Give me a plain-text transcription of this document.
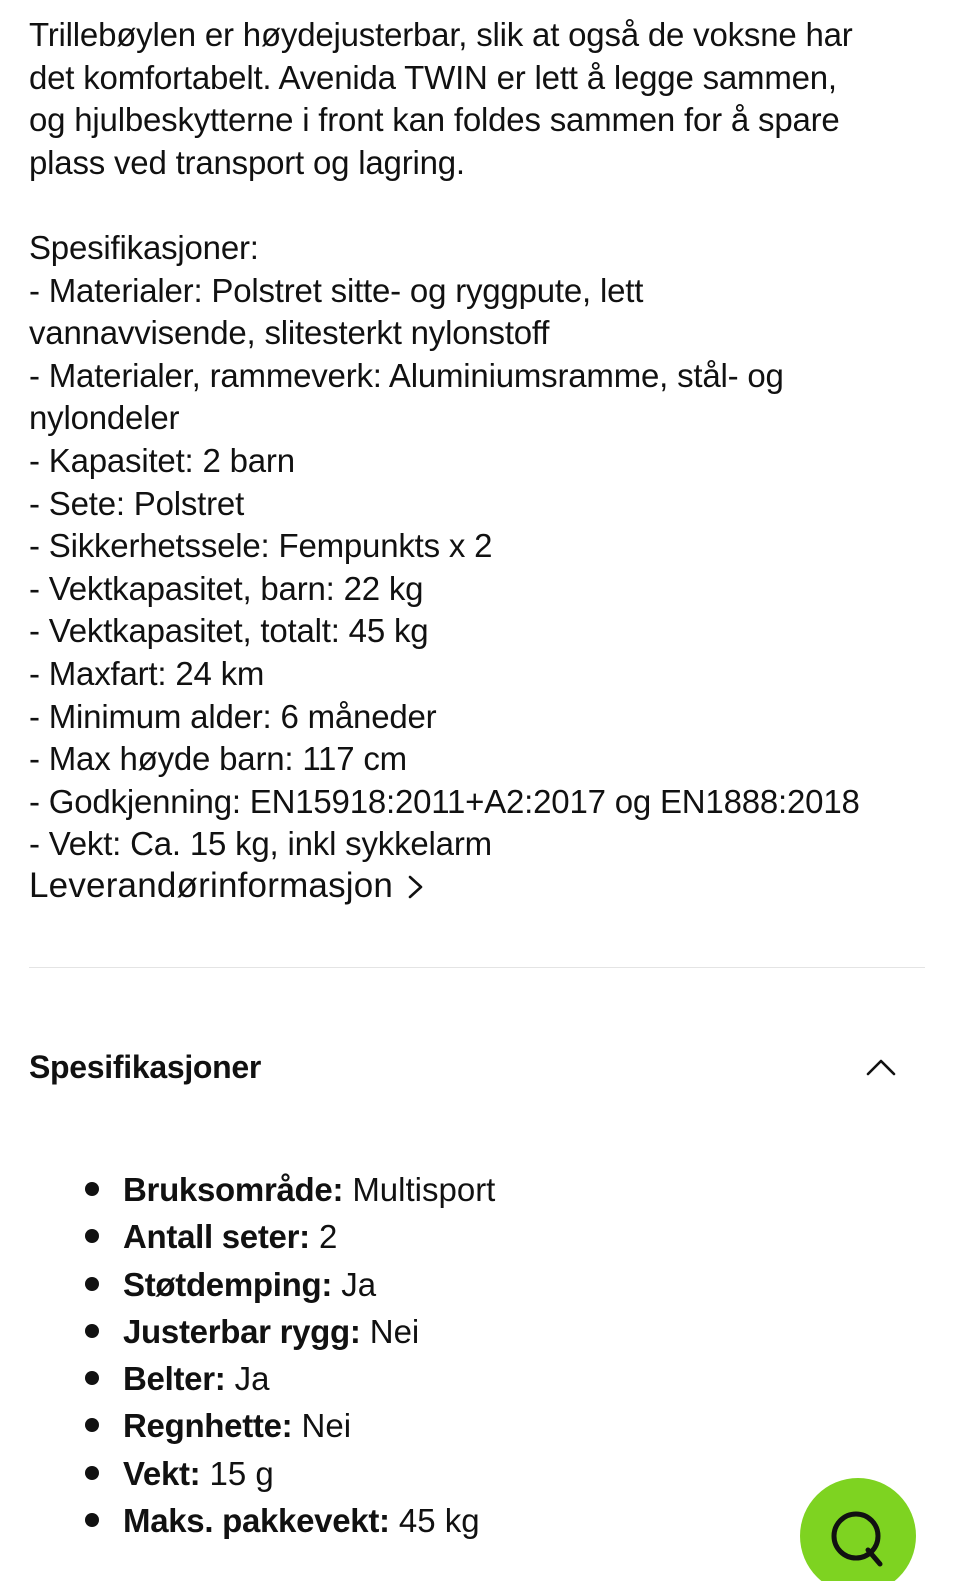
Trillebøylen er høydejusterbar, slik at også de voksne har

det komfortabelt. Avenida TWIN er lett å legge sammen,

og hjulbeskytterne i front kan foldes sammen for å spare

plass ved transport og lagring.

Spesifikasjoner:

- Materialer: Polstret sitte- og ryggpute, lett

vannavvisende, slitesterkt nylonstoff

- Materialer, rammeverk: Aluminiumsramme, stål- og

nylondeler

- Kapasitet: 2 barn

- Sete: Polstret

- Sikkerhetssele: Fempunkts x 2

- Vektkapasitet, barn: 22 kg

- Vektkapasitet, totalt: 45 kg

- Maxfart: 24 km

- Minimum alder: 6 måneder

- Max høyde barn: 117 cm

- Godkjenning: EN15918:2011+A2:2017 og EN1888:2018

- Vekt: Ca. 15 kg, inkl sykkelarm

Leverandørinformasjon
Spesifikasjoner
Bruksområde: Multisport
Antall seter: 2
Støtdemping: Ja
Justerbar rygg: Nei
Belter: Ja
Regnhette: Nei
Vekt: 15 g
Maks. pakkevekt: 45 kg
